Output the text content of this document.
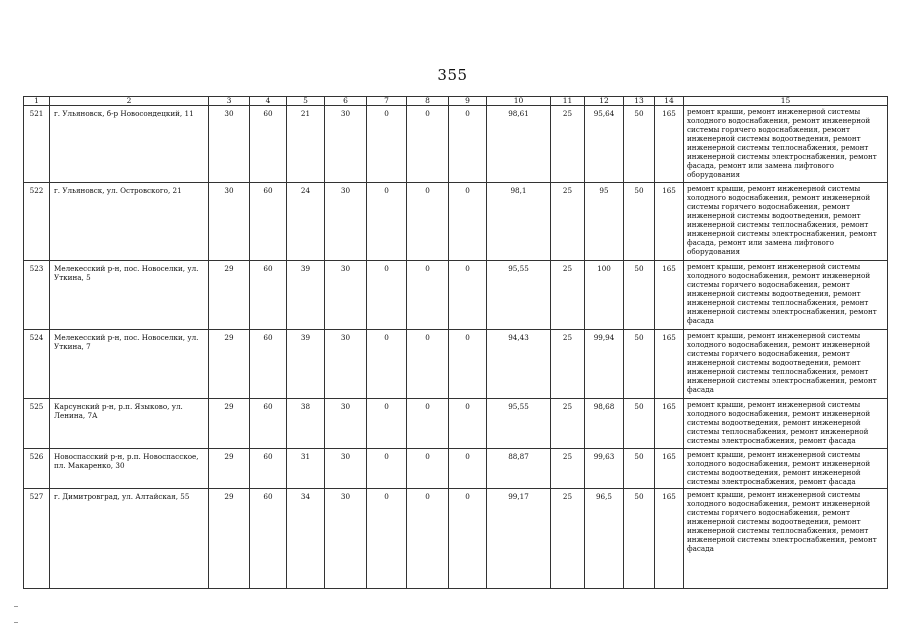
355
1	2	3	4	5	6	7	8	9	10	11	12	13	14	15
521	г. Ульяновск, б-р Новосондецкий, 11	30	60	21	30	0	0	0	98,61	25	95,64	50	165	ремонт крыши, ремонт инженерной системы холодного водоснабжения, ремонт инженерной системы горячего водоснабжения, ремонт инженерной системы водоотведения, ремонт инженерной системы теплоснабжения, ремонт инженерной системы электроснабжения, ремонт фасада, ремонт или замена лифтового оборудования
522	г. Ульяновск, ул. Островского, 21	30	60	24	30	0	0	0	98,1	25	95	50	165	ремонт крыши, ремонт инженерной системы холодного водоснабжения, ремонт инженерной системы горячего водоснабжения, ремонт инженерной системы водоотведения, ремонт инженерной системы теплоснабжения, ремонт инженерной системы электроснабжения, ремонт фасада, ремонт или замена лифтового оборудования
523	Мелекесский р-н, пос. Новоселки, ул. Уткина, 5	29	60	39	30	0	0	0	95,55	25	100	50	165	ремонт крыши, ремонт инженерной системы холодного водоснабжения, ремонт инженерной системы горячего водоснабжения, ремонт инженерной системы водоотведения, ремонт инженерной системы теплоснабжения, ремонт инженерной системы электроснабжения, ремонт фасада
524	Мелекесский р-н, пос. Новоселки, ул. Уткина, 7	29	60	39	30	0	0	0	94,43	25	99,94	50	165	ремонт крыши, ремонт инженерной системы холодного водоснабжения, ремонт инженерной системы горячего водоснабжения, ремонт инженерной системы водоотведения, ремонт инженерной системы теплоснабжения, ремонт инженерной системы электроснабжения, ремонт фасада
525	Карсунский р-н, р.п. Языково, ул. Ленина, 7А	29	60	38	30	0	0	0	95,55	25	98,68	50	165	ремонт крыши, ремонт инженерной системы холодного водоснабжения, ремонт инженерной системы водоотведения, ремонт инженерной системы теплоснабжения, ремонт инженерной системы электроснабжения, ремонт фасада
526	Новоспасский р-н, р.п. Новоспасское, пл. Макаренко, 30	29	60	31	30	0	0	0	88,87	25	99,63	50	165	ремонт крыши, ремонт инженерной системы холодного водоснабжения, ремонт инженерной системы водоотведения, ремонт инженерной системы электроснабжения, ремонт фасада
527	г. Димитровград, ул. Алтайская, 55	29	60	34	30	0	0	0	99,17	25	96,5	50	165	ремонт крыши, ремонт инженерной системы холодного водоснабжения, ремонт инженерной системы горячего водоснабжения, ремонт инженерной системы водоотведения, ремонт инженерной системы теплоснабжения, ремонт инженерной системы электроснабжения, ремонт фасада
